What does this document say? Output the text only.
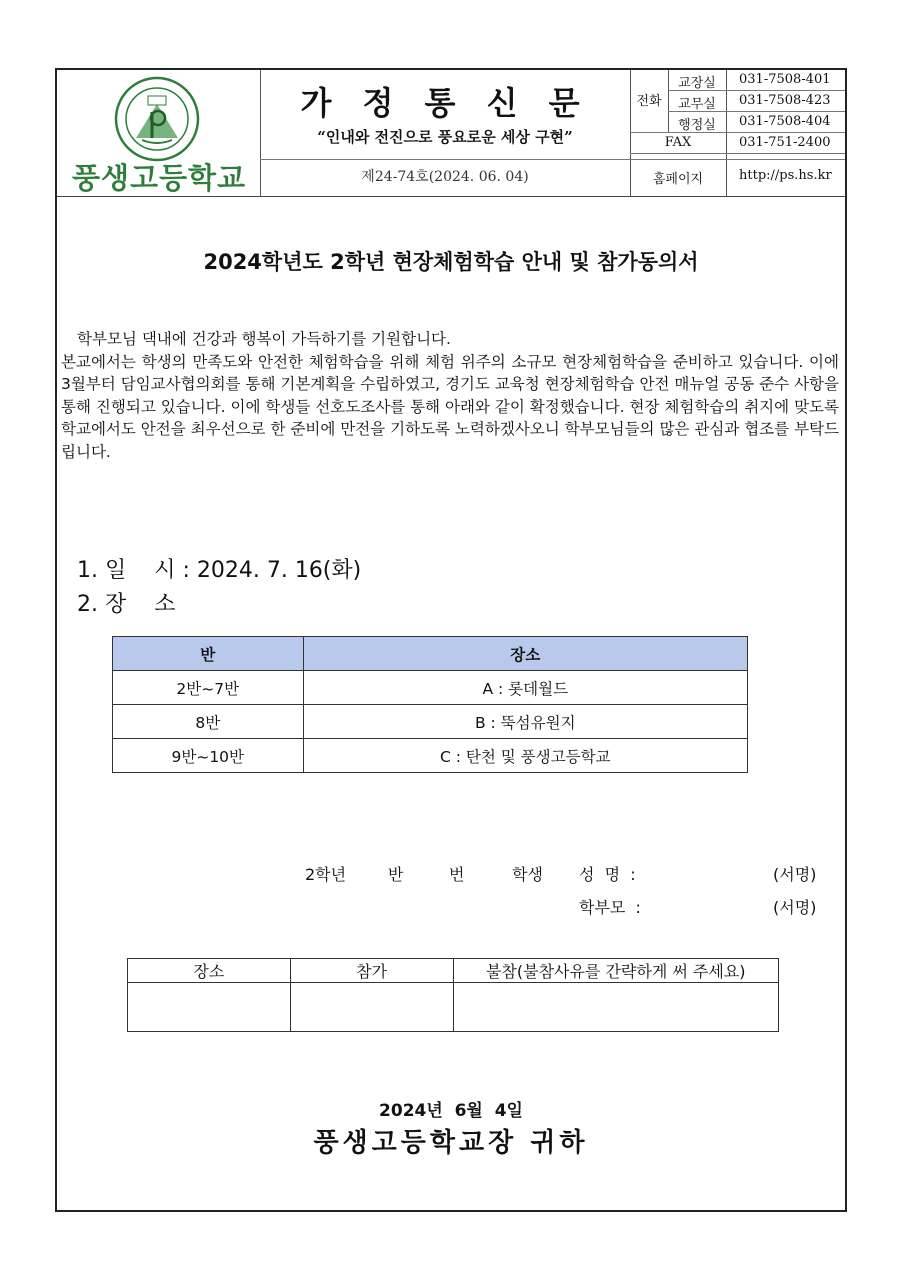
풍생고등학교
가 정 통 신 문
“인내와 전진으로 풍요로운 세상 구현”
제24-74호(2024. 06. 04)
전화
교장실	031-7508-401
교무실	031-7508-423
행정실	031-7508-404
FAX	031-751-2400
홈페이지	http://ps.hs.kr
2024학년도 2학년 현장체험학습 안내 및 참가동의서

학부모님 댁내에 건강과 행복이 가득하기를 기원합니다.

본교에서는 학생의 만족도와 안전한 체험학습을 위해 체험 위주의 소규모 현장체험학습을 준비하고 있습니다. 이에 3월부터 담임교사협의회를 통해 기본계획을 수립하였고, 경기도 교육청 현장체험학습 안전 매뉴얼 공동 준수 사항을 통해 진행되고 있습니다. 이에 학생들 선호도조사를 통해 아래와 같이 확정했습니다. 현장 체험학습의 취지에 맞도록 학교에서도 안전을 최우선으로 한 준비에 만전을 기하도록 노력하겠사오니 학부모님들의 많은 관심과 협조를 부탁드립니다.

1. 일    시 : 2024. 7. 16(화)
2. 장    소
반	장소
2반~7반	A : 롯데월드
8반	B : 뚝섬유원지
9반~10반	C : 탄천 및 풍생고등학교
2학년	반	번	학생 성  명  :	(서명)
학부모  :	(서명)
장소	참가	불참(불참사유를 간략하게 써 주세요)

2024년  6월  4일
풍생고등학교장 귀하
